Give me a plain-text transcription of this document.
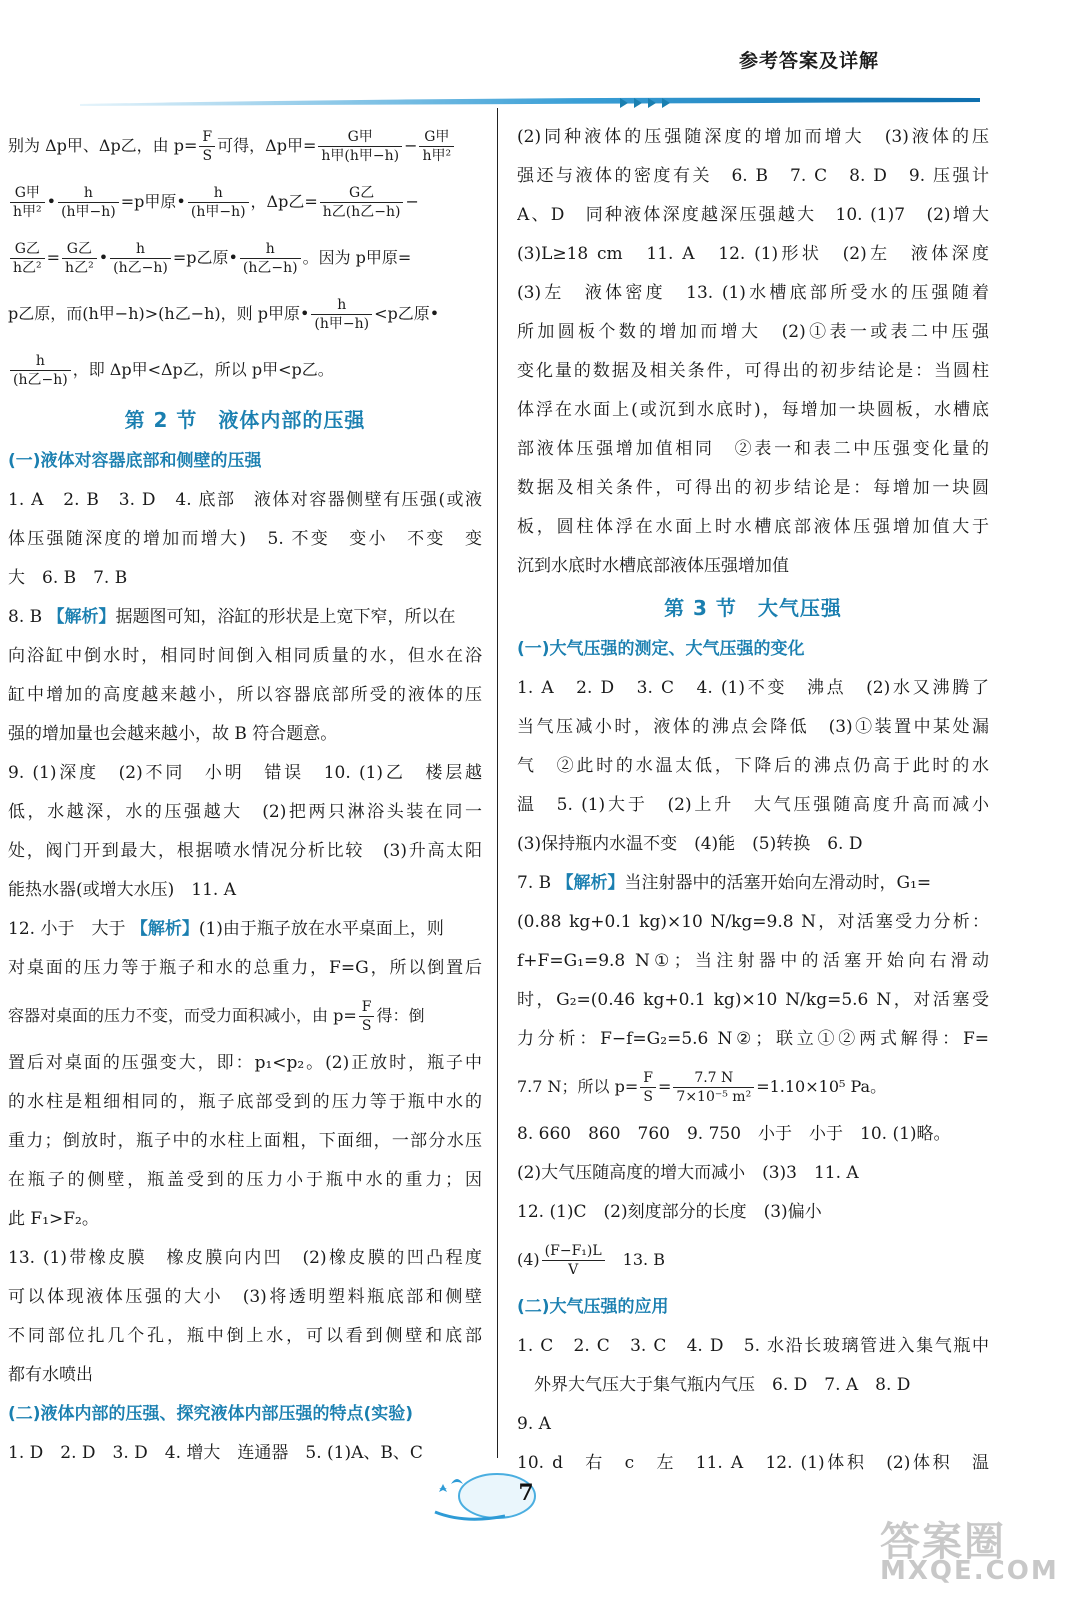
参考答案及详解
别为 Δp甲、Δp乙，由 $p= \frac{F}{S}$ 可得，Δp甲= $\frac{\text{G甲}}{\text{h甲(h甲−h)}} - \frac{\text{G甲}}{\text{h甲²}}$
$\frac{\text{G甲}}{\text{h甲²}}$ • $\frac{h}{\text{(h甲−h)}} =p$甲原• $\frac{h}{\text{(h甲−h)}}$ ，Δp乙= $\frac{\text{G乙}}{\text{h乙(h乙−h)}}$ −
$\frac{\text{G乙}}{\text{h乙²}} = \frac{\text{G乙}}{\text{h乙²}}$ • $\frac{h}{\text{(h乙−h)}} =p$乙原• $\frac{h}{\text{(h乙−h)}}$ 。因为 p甲原=
p乙原，而(h甲−h)>(h乙−h)，则 p甲原• $\frac{h}{\text{(h甲−h)}} <p$乙原•
$\frac{h}{\text{(h乙−h)}}$ ，即 Δp甲<Δp乙，所以 p甲<p乙。
第 2 节　液体内部的压强
(一)液体对容器底部和侧壁的压强
1. A　2. B　3. D　4. 底部　液体对容器侧壁有压强(或液
体压强随深度的增加而增大)　5. 不变　变小　不变　变
大　6. B　7. B
8. B 【解析】据题图可知，浴缸的形状是上宽下窄，所以在
向浴缸中倒水时，相同时间倒入相同质量的水，但水在浴
缸中增加的高度越来越小，所以容器底部所受的液体的压
强的增加量也会越来越小，故 B 符合题意。
9. (1)深度　(2)不同　小明　错误　10. (1)乙　楼层越
低，水越深，水的压强越大　(2)把两只淋浴头装在同一
处，阀门开到最大，根据喷水情况分析比较　(3)升高太阳
能热水器(或增大水压)　11. A
12. 小于　大于 【解析】(1)由于瓶子放在水平桌面上，则
对桌面的压力等于瓶子和水的总重力，F=G，所以倒置后
容器对桌面的压力不变，而受力面积减小，由 $p= \frac{F}{S}$ 得：倒
置后对桌面的压强变大，即：p₁<p₂。(2)正放时，瓶子中
的水柱是粗细相同的，瓶子底部受到的压力等于瓶中水的
重力；倒放时，瓶子中的水柱上面粗，下面细，一部分水压
在瓶子的侧壁，瓶盖受到的压力小于瓶中水的重力；因
此 F₁>F₂。
13. (1)带橡皮膜　橡皮膜向内凹　(2)橡皮膜的凹凸程度
可以体现液体压强的大小　(3)将透明塑料瓶底部和侧壁
不同部位扎几个孔，瓶中倒上水，可以看到侧壁和底部
都有水喷出
(二)液体内部的压强、探究液体内部压强的特点(实验)
1. D　2. D　3. D　4. 增大　连通器　5. (1)A、B、C
(2)同种液体的压强随深度的增加而增大　(3)液体的压
强还与液体的密度有关　6. B　7. C　8. D　9. 压强计
A、D　同种液体深度越深压强越大　10. (1)7　(2)增大
(3)L≥18 cm　11. A　12. (1)形状　(2)左　液体深度
(3)左　液体密度　13. (1)水槽底部所受水的压强随着
所加圆板个数的增加而增大　(2)①表一或表二中压强
变化量的数据及相关条件，可得出的初步结论是：当圆柱
体浮在水面上(或沉到水底时)，每增加一块圆板，水槽底
部液体压强增加值相同　②表一和表二中压强变化量的
数据及相关条件，可得出的初步结论是：每增加一块圆
板，圆柱体浮在水面上时水槽底部液体压强增加值大于
沉到水底时水槽底部液体压强增加值
第 3 节　大气压强
(一)大气压强的测定、大气压强的变化
1. A　2. D　3. C　4. (1)不变　沸点　(2)水又沸腾了
当气压减小时，液体的沸点会降低　(3)①装置中某处漏
气　②此时的水温太低，下降后的沸点仍高于此时的水
温　5. (1)大于　(2)上升　大气压强随高度升高而减小
(3)保持瓶内水温不变　(4)能　(5)转换　6. D
7. B 【解析】当注射器中的活塞开始向左滑动时，G₁=
(0.88 kg+0.1 kg)×10 N/kg=9.8 N，对活塞受力分析：
f+F=G₁=9.8 N①；当注射器中的活塞开始向右滑动
时，G₂=(0.46 kg+0.1 kg)×10 N/kg=5.6 N，对活塞受
力分析：F−f=G₂=5.6 N②；联立①②两式解得：F=
7.7 N；所以 $p= \frac{F}{S} = \frac{7.7 N}{\text{7×10⁻⁵ m²}} =1.10\times 10^5$ Pa。
8. 660　860　760　9. 750　小于　小于　10. (1)略。
(2)大气压随高度的增大而减小　(3)3　11. A
12. (1)C　(2)刻度部分的长度　(3)偏小
$(4) \frac{\text{(F−F₁)L}}{V}$ 　13. B
(二)大气压强的应用
1. C　2. C　3. C　4. D　5. 水沿长玻璃管进入集气瓶中
　外界大气压大于集气瓶内气压　6. D　7. A　8. D
9. A
10. d　右　c　左　11. A　12. (1)体积　(2)体积　温
7
答案圈
MXQE.COM
